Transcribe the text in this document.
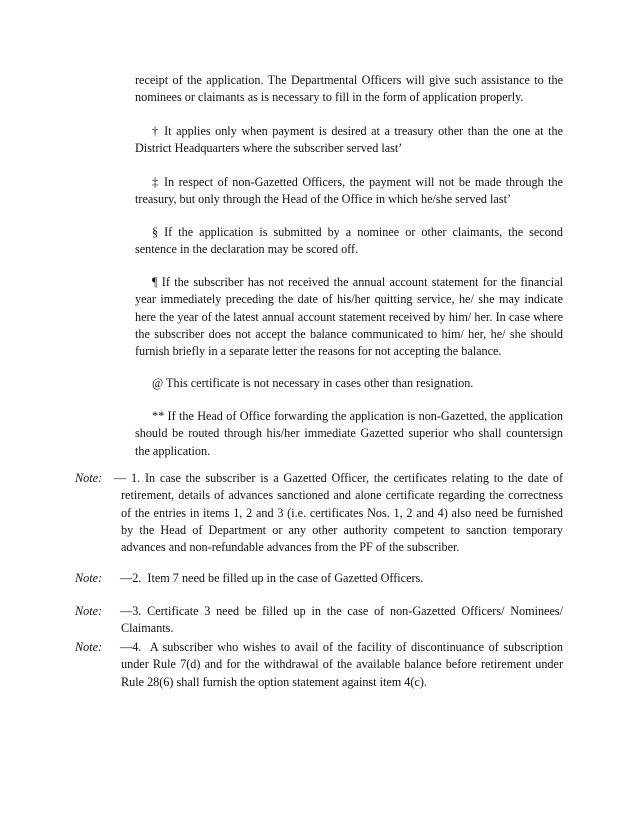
receipt of the application. The Departmental Officers will give such assistance to the nominees or claimants as is necessary to fill in the form of application properly.

† It applies only when payment is desired at a treasury other than the one at the District Headquarters where the subscriber served last’

‡ In respect of non-Gazetted Officers, the payment will not be made through the treasury, but only through the Head of the Office in which he/she served last’

§ If the application is submitted by a nominee or other claimants, the second sentence in the declaration may be scored off.

¶ If the subscriber has not received the annual account statement for the financial year immediately preceding the date of his/her quitting service, he/ she may indicate here the year of the latest annual account statement received by him/ her. In case where the subscriber does not accept the balance communicated to him/ her, he/ she should furnish briefly in a separate letter the reasons for not accepting the balance.

@ This certificate is not necessary in cases other than resignation.

** If the Head of Office forwarding the application is non-Gazetted, the application should be routed through his/her immediate Gazetted superior who shall countersign the application.

Note: — 1. In case the subscriber is a Gazetted Officer, the certificates relating to the date of retirement, details of advances sanctioned and alone certificate regarding the correctness of the entries in items 1, 2 and 3 (i.e. certificates Nos. 1, 2 and 4) also need be furnished by the Head of Department or any other authority competent to sanction temporary advances and non-refundable advances from the PF of the subscriber.
Note: —2. Item 7 need be filled up in the case of Gazetted Officers.
Note: —3. Certificate 3 need be filled up in the case of non-Gazetted Officers/ Nominees/ Claimants.
Note: —4. A subscriber who wishes to avail of the facility of discontinuance of subscription under Rule 7(d) and for the withdrawal of the available balance before retirement under Rule 28(6) shall furnish the option statement against item 4(c).
